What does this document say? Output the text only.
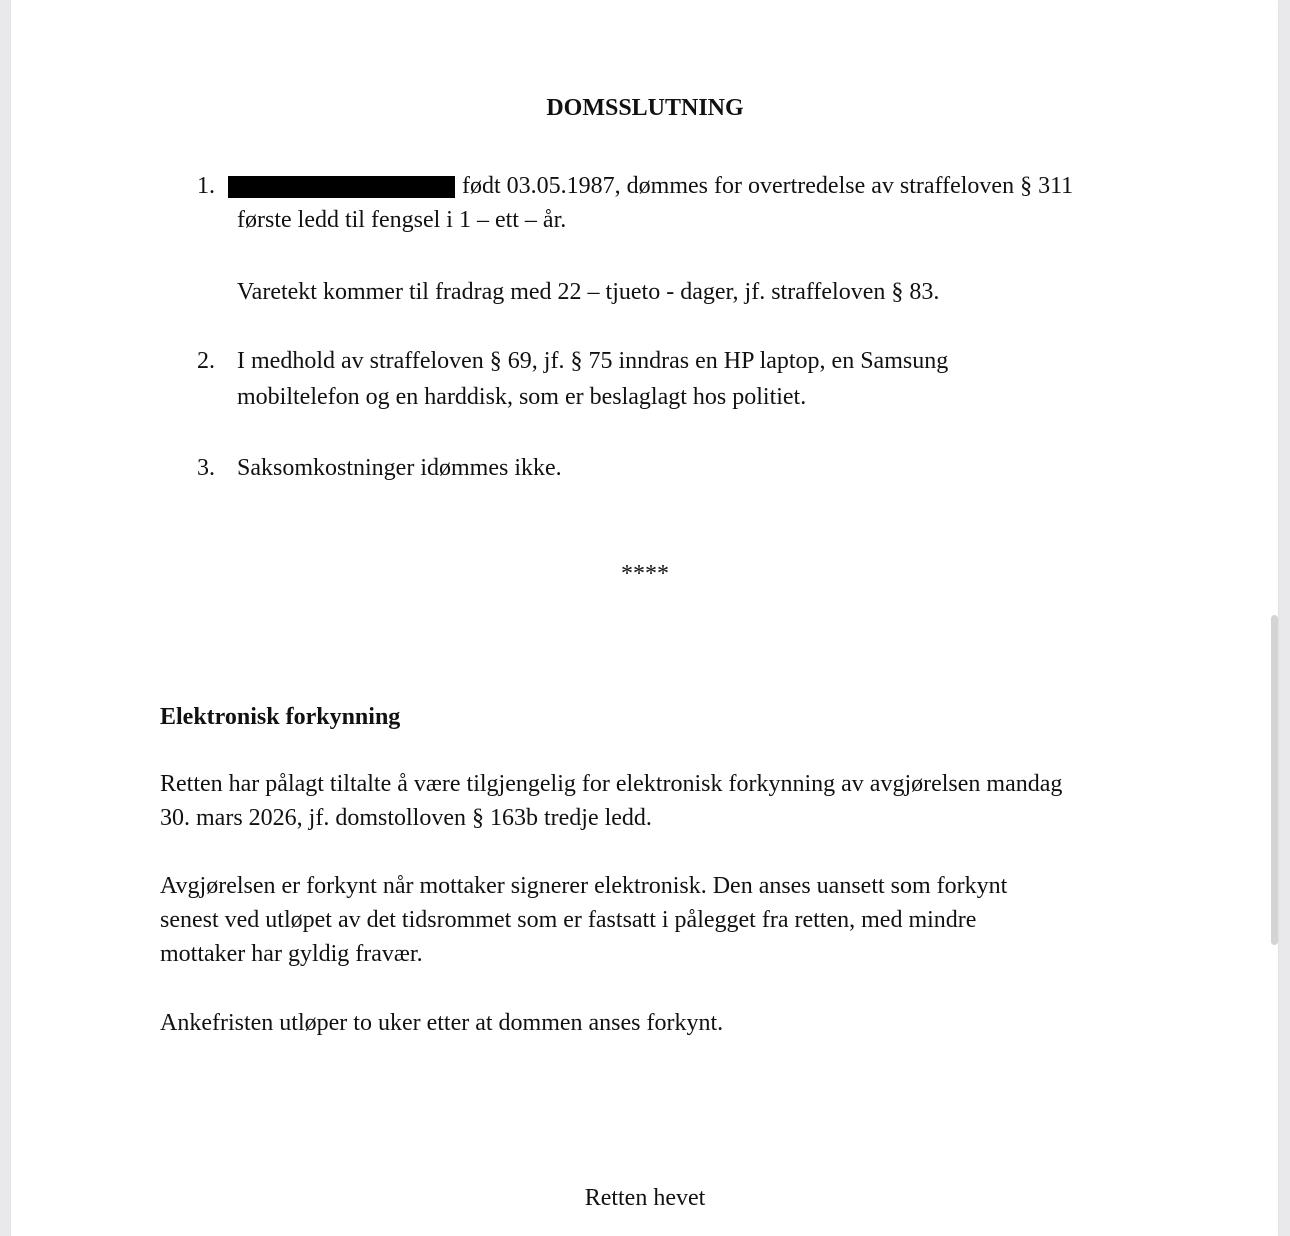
DOMSSLUTNING
1.	født 03.05.1987, dømmes for overtredelse av straffeloven § 311
første ledd til fengsel i 1 – ett – år.
Varetekt kommer til fradrag med 22 – tjueto - dager, jf. straffeloven § 83.
2. I medhold av straffeloven § 69, jf. § 75 inndras en HP laptop, en Samsung
mobiltelefon og en harddisk, som er beslaglagt hos politiet.
3. Saksomkostninger idømmes ikke.
****
Elektronisk forkynning
Retten har pålagt tiltalte å være tilgjengelig for elektronisk forkynning av avgjørelsen mandag
30. mars 2026, jf. domstolloven § 163b tredje ledd.
Avgjørelsen er forkynt når mottaker signerer elektronisk. Den anses uansett som forkynt
senest ved utløpet av det tidsrommet som er fastsatt i pålegget fra retten, med mindre
mottaker har gyldig fravær.
Ankefristen utløper to uker etter at dommen anses forkynt.
Retten hevet
